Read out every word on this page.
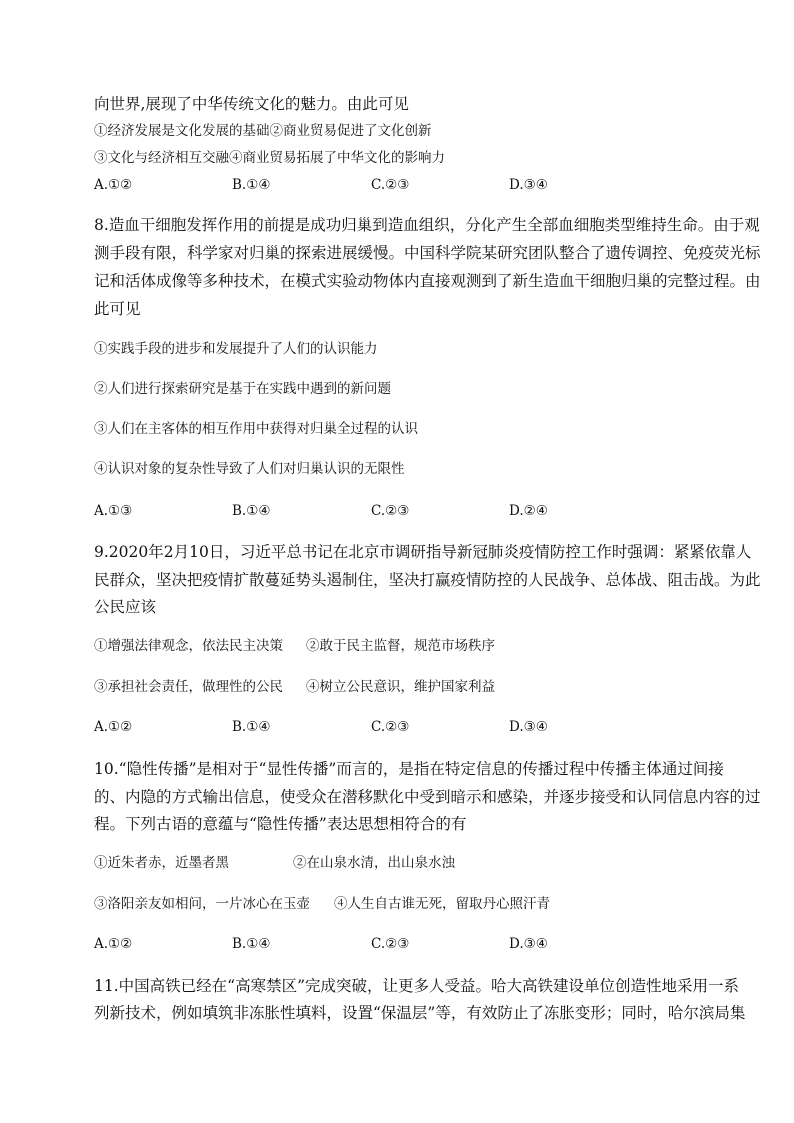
向世界,展现了中华传统文化的魅力。由此可见
①经济发展是文化发展的基础②商业贸易促进了文化创新
③文化与经济相互交融④商业贸易拓展了中华文化的影响力
A.①②	B.①④	C.②③	D.③④
8.造血干细胞发挥作用的前提是成功归巢到造血组织，分化产生全部血细胞类型维持生命。由于观
测手段有限，科学家对归巢的探索进展缓慢。中国科学院某研究团队整合了遗传调控、免疫荧光标
记和活体成像等多种技术，在模式实验动物体内直接观测到了新生造血干细胞归巢的完整过程。由
此可见
①实践手段的进步和发展提升了人们的认识能力
②人们进行探索研究是基于在实践中遇到的新问题
③人们在主客体的相互作用中获得对归巢全过程的认识
④认识对象的复杂性导致了人们对归巢认识的无限性
A.①③	B.①④	C.②③	D.②④
9.2020年2月10日，习近平总书记在北京市调研指导新冠肺炎疫情防控工作时强调：紧紧依靠人
民群众，坚决把疫情扩散蔓延势头遏制住，坚决打赢疫情防控的人民战争、总体战、阻击战。为此
公民应该
①增强法律观念，依法民主决策 ②敢于民主监督，规范市场秩序
③承担社会责任，做理性的公民 ④树立公民意识，维护国家利益
A.①②	B.①④	C.②③	D.③④
10.“隐性传播”是相对于“显性传播”而言的，是指在特定信息的传播过程中传播主体通过间接
的、内隐的方式输出信息，使受众在潜移默化中受到暗示和感染，并逐步接受和认同信息内容的过
程。下列古语的意蕴与“隐性传播”表达思想相符合的有
①近朱者赤，近墨者黑	②在山泉水清，出山泉水浊
③洛阳亲友如相问，一片冰心在玉壶 ④人生自古谁无死，留取丹心照汗青
A.①②	B.①④	C.②③	D.③④
11.中国高铁已经在“高寒禁区”完成突破，让更多人受益。哈大高铁建设单位创造性地采用一系
列新技术，例如填筑非冻胀性填料，设置“保温层”等，有效防止了冻胀变形；同时，哈尔滨局集
